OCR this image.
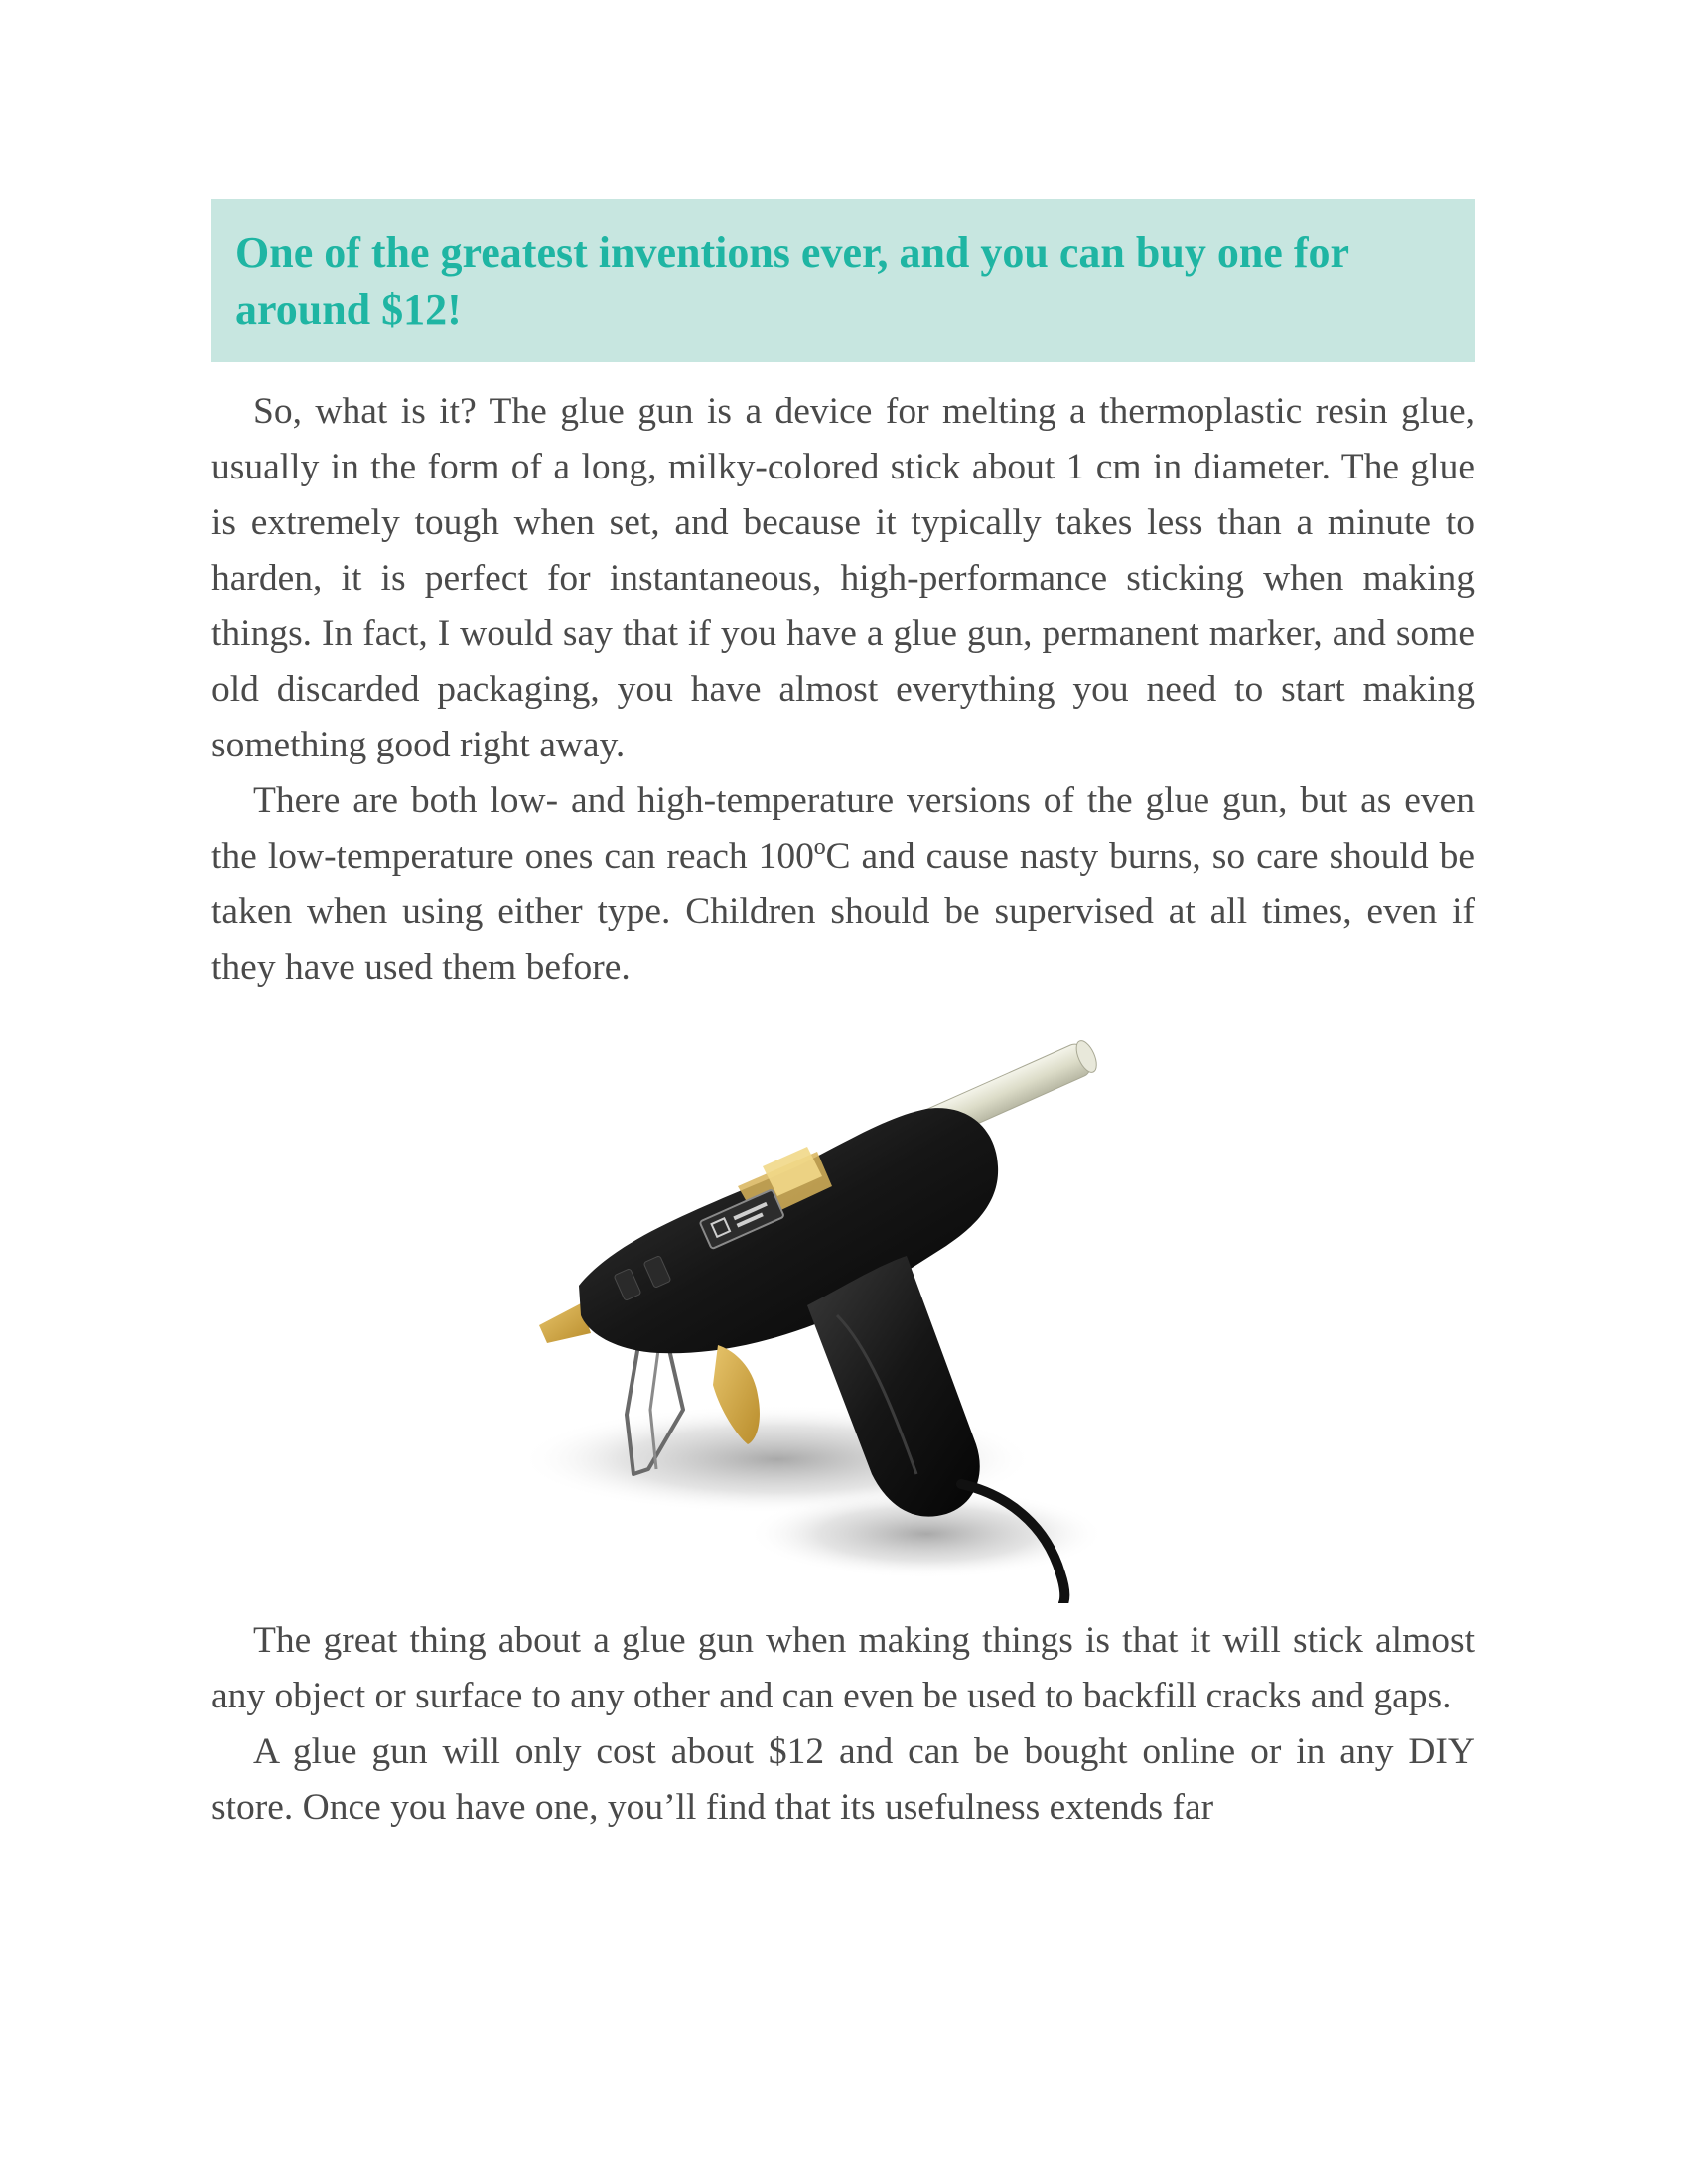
One of the greatest inventions ever, and you can buy one for around $12!

So, what is it? The glue gun is a device for melting a thermoplastic resin glue, usually in the form of a long, milky-colored stick about 1 cm in diameter. The glue is extremely tough when set, and because it typically takes less than a minute to harden, it is perfect for instantaneous, high-performance sticking when making things. In fact, I would say that if you have a glue gun, permanent marker, and some old discarded packaging, you have almost everything you need to start making something good right away.

There are both low- and high-temperature versions of the glue gun, but as even the low-temperature ones can reach 100ºC and cause nasty burns, so care should be taken when using either type. Children should be supervised at all times, even if they have used them before.

The great thing about a glue gun when making things is that it will stick almost any object or surface to any other and can even be used to backfill cracks and gaps.

A glue gun will only cost about $12 and can be bought online or in any DIY store. Once you have one, you’ll find that its usefulness extends far
